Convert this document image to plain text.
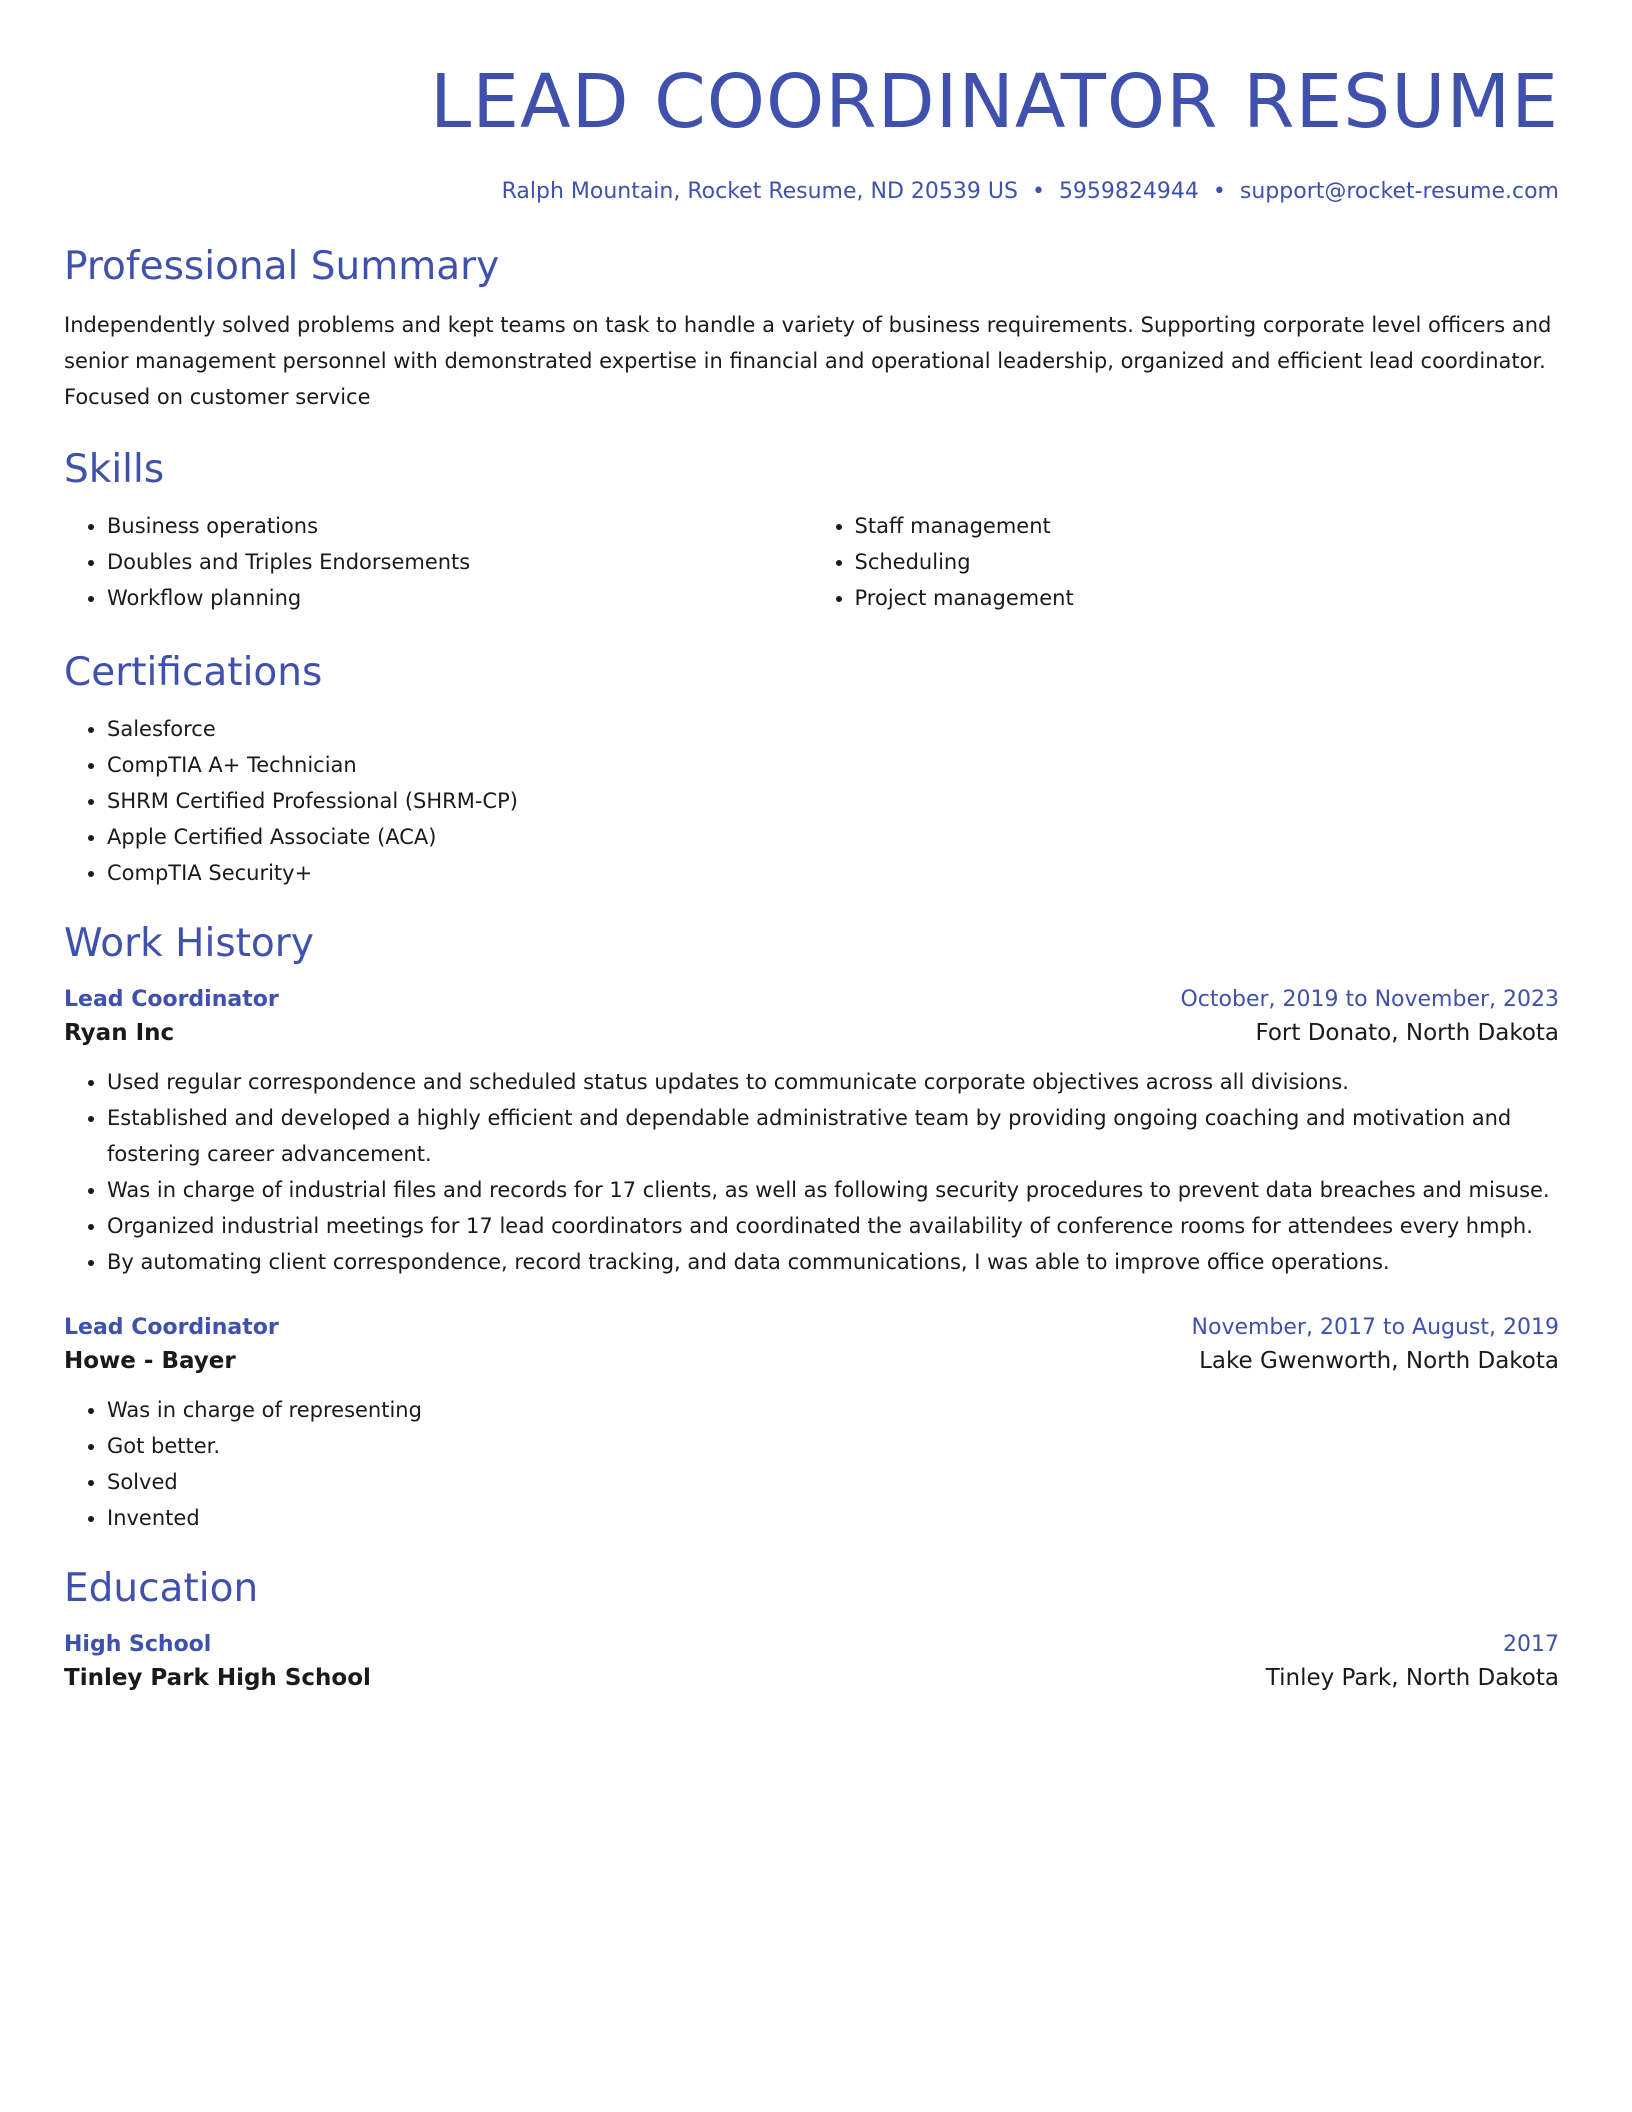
LEAD COORDINATOR RESUME
Ralph Mountain, Rocket Resume, ND 20539 US • 5959824944 • support@rocket-resume.com
Professional Summary

Independently solved problems and kept teams on task to handle a variety of business requirements. Supporting corporate level officers and senior management personnel with demonstrated expertise in financial and operational leadership, organized and efficient lead coordinator. Focused on customer service

Skills
• Business operations
• Doubles and Triples Endorsements
• Workflow planning
• Staff management
• Scheduling
• Project management
Certifications
• Salesforce
• CompTIA A+ Technician
• SHRM Certified Professional (SHRM-CP)
• Apple Certified Associate (ACA)
• CompTIA Security+
Work History
Lead Coordinator	October, 2019 to November, 2023
Ryan Inc	Fort Donato, North Dakota
• Used regular correspondence and scheduled status updates to communicate corporate objectives across all divisions.
• Established and developed a highly efficient and dependable administrative team by providing ongoing coaching and motivation and fostering career advancement.
• Was in charge of industrial files and records for 17 clients, as well as following security procedures to prevent data breaches and misuse.
• Organized industrial meetings for 17 lead coordinators and coordinated the availability of conference rooms for attendees every hmph.
• By automating client correspondence, record tracking, and data communications, I was able to improve office operations.
Lead Coordinator	November, 2017 to August, 2019
Howe - Bayer	Lake Gwenworth, North Dakota
• Was in charge of representing
• Got better.
• Solved
• Invented
Education
High School	2017
Tinley Park High School	Tinley Park, North Dakota
